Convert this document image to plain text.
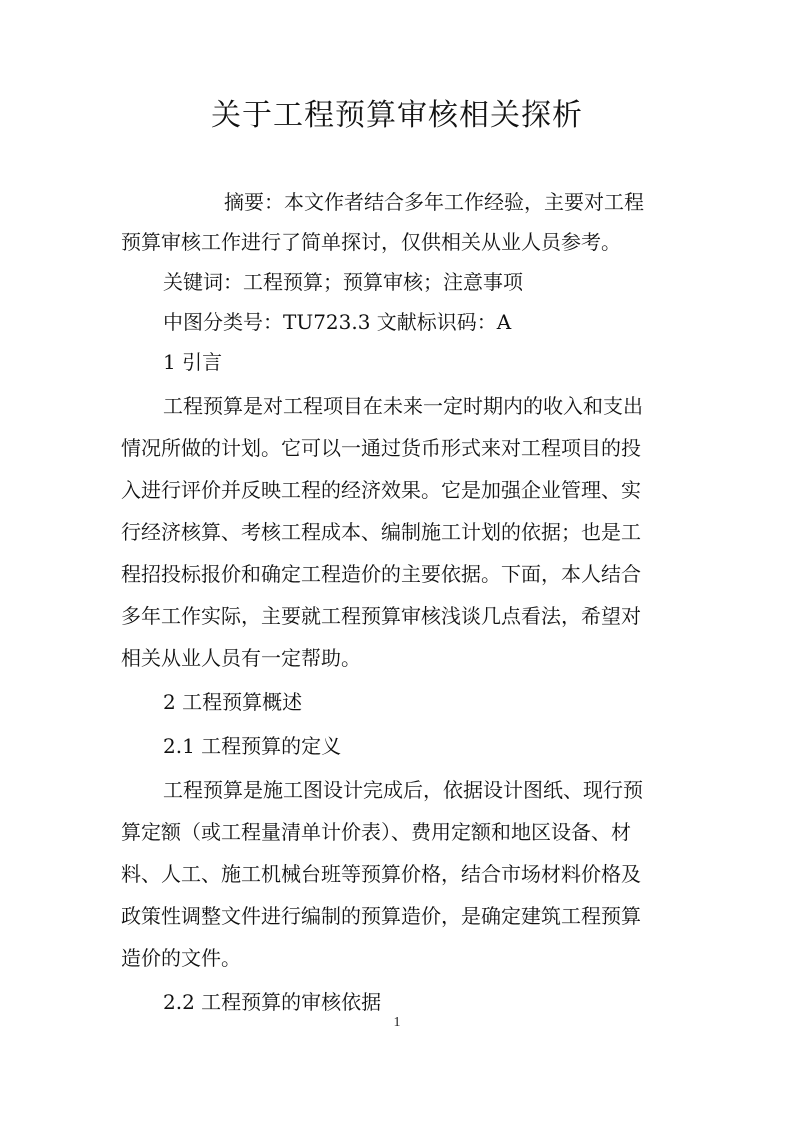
关于工程预算审核相关探析
摘要：本文作者结合多年工作经验，主要对工程
预算审核工作进行了简单探讨，仅供相关从业人员参考。
关键词：工程预算；预算审核；注意事项
中图分类号：TU723.3 文献标识码：A
1 引言
工程预算是对工程项目在未来一定时期内的收入和支出
情况所做的计划。它可以一通过货币形式来对工程项目的投
入进行评价并反映工程的经济效果。它是加强企业管理、实
行经济核算、考核工程成本、编制施工计划的依据；也是工
程招投标报价和确定工程造价的主要依据。下面，本人结合
多年工作实际，主要就工程预算审核浅谈几点看法，希望对
相关从业人员有一定帮助。
2 工程预算概述
2.1 工程预算的定义
工程预算是施工图设计完成后，依据设计图纸、现行预
算定额（或工程量清单计价表）、费用定额和地区设备、材
料、人工、施工机械台班等预算价格，结合市场材料价格及
政策性调整文件进行编制的预算造价，是确定建筑工程预算
造价的文件。
2.2 工程预算的审核依据
1
